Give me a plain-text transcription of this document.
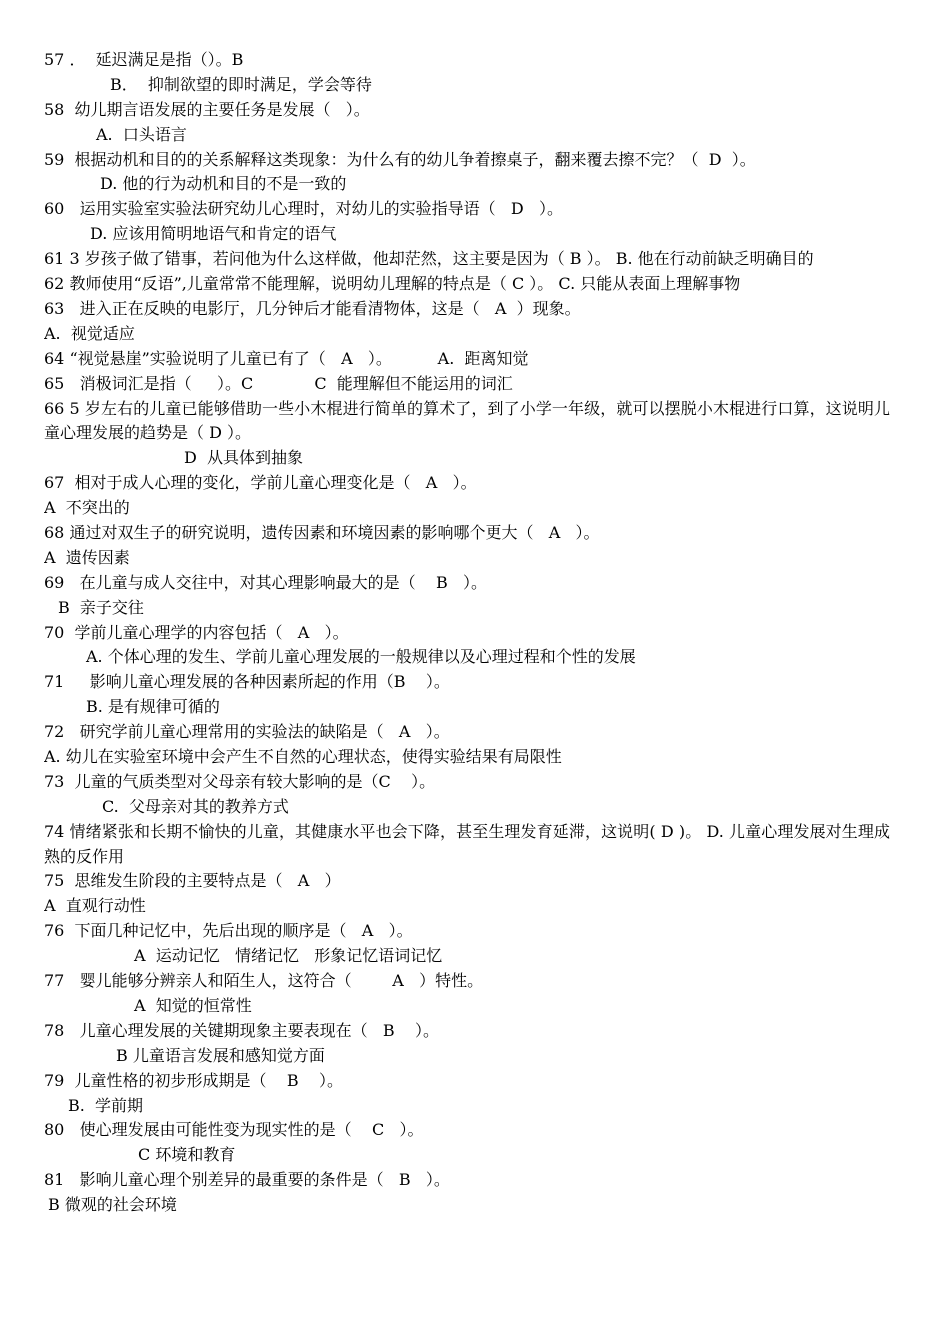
57 ．  延迟满足是指（）。B
B．  抑制欲望的即时满足，学会等待
58  幼儿期言语发展的主要任务是发展（   ）。
A.  口头语言
59  根据动机和目的的关系解释这类现象：为什么有的幼儿争着擦桌子，翻来覆去擦不完？（  D  ）。
D. 他的行为动机和目的不是一致的
60   运用实验室实验法研究幼儿心理时，对幼儿的实验指导语（   D   ）。
D. 应该用简明地语气和肯定的语气
61 3 岁孩子做了错事，若问他为什么这样做，他却茫然，这主要是因为（ B ）。 B. 他在行动前缺乏明确目的
62 教师使用“反语”,儿童常常不能理解，说明幼儿理解的特点是（ C ）。 C. 只能从表面上理解事物
63   进入正在反映的电影厅，几分钟后才能看清物体，这是（   A  ）现象。
A.  视觉适应
64 “视觉悬崖”实验说明了儿童已有了（   A   ）。         A.  距离知觉
65   消极词汇是指（     ）。C            C  能理解但不能运用的词汇
66 5 岁左右的儿童已能够借助一些小木棍进行简单的算术了，到了小学一年级，就可以摆脱小木棍进行口算，这说明儿童心理发展的趋势是（ D ）。
D  从具体到抽象
67  相对于成人心理的变化，学前儿童心理变化是（   A   ）。
A  不突出的
68 通过对双生子的研究说明，遗传因素和环境因素的影响哪个更大（   A   ）。
A  遗传因素
69   在儿童与成人交往中，对其心理影响最大的是（    B   ）。
B  亲子交往
70  学前儿童心理学的内容包括（   A   ）。
A. 个体心理的发生、学前儿童心理发展的一般规律以及心理过程和个性的发展
71     影响儿童心理发展的各种因素所起的作用（B    ）。
B. 是有规律可循的
72   研究学前儿童心理常用的实验法的缺陷是（   A   ）。
A. 幼儿在实验室环境中会产生不自然的心理状态，使得实验结果有局限性
73  儿童的气质类型对父母亲有较大影响的是（C    ）。
C.  父母亲对其的教养方式
74 情绪紧张和长期不愉快的儿童，其健康水平也会下降，甚至生理发育延滞，这说明( D )。 D. 儿童心理发展对生理成熟的反作用
75  思维发生阶段的主要特点是（   A   ）
A  直观行动性
76  下面几种记忆中，先后出现的顺序是（   A   ）。
A  运动记忆   情绪记忆   形象记忆语词记忆
77   婴儿能够分辨亲人和陌生人，这符合（        A   ）特性。
A  知觉的恒常性
78   儿童心理发展的关键期现象主要表现在（   B    ）。
B 儿童语言发展和感知觉方面
79  儿童性格的初步形成期是（    B    ）。
B.  学前期
80   使心理发展由可能性变为现实性的是（    C   ）。
C 环境和教育
81   影响儿童心理个别差异的最重要的条件是（   B   ）。
B 微观的社会环境
